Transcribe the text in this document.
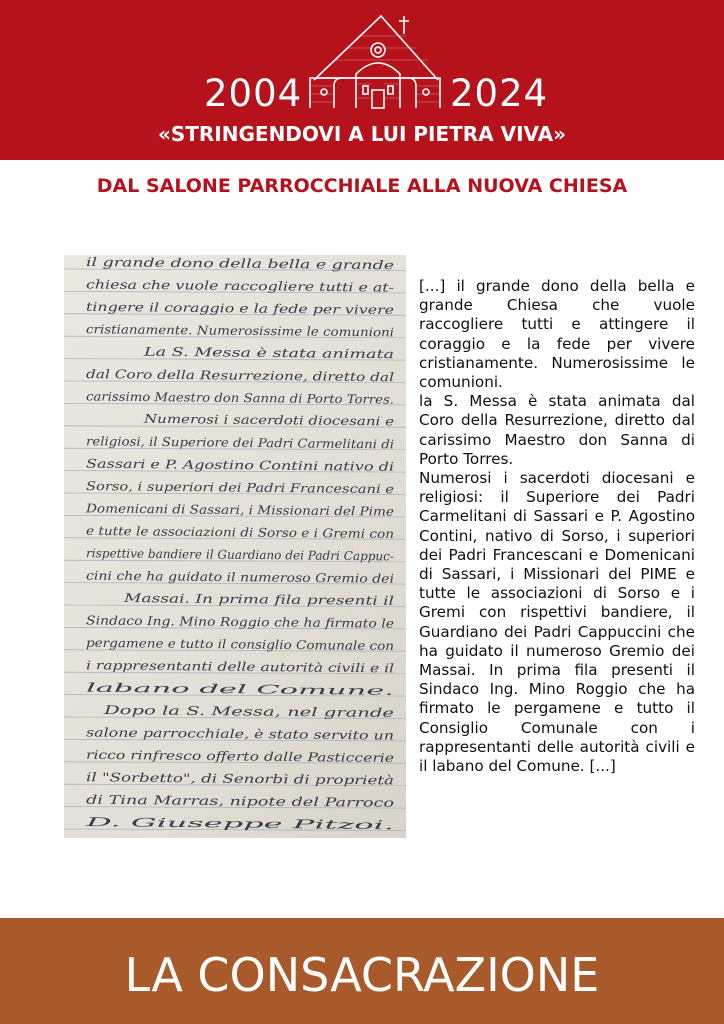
2004	2024
«STRINGENDOVI A LUI PIETRA VIVA»
DAL SALONE PARROCCHIALE ALLA NUOVA CHIESA
il grande dono della bella e grande
chiesa che vuole raccogliere tutti e at-
tingere il coraggio e la fede per vivere
cristianamente. Numerosissime le comunioni
La S. Messa è stata animata
dal Coro della Resurrezione, diretto dal
carissimo Maestro don Sanna di Porto Torres.
Numerosi i sacerdoti diocesani e
religiosi, il Superiore dei Padri Carmelitani di
Sassari e P. Agostino Contini nativo di
Sorso, i superiori dei Padri Francescani e
Domenicani di Sassari, i Missionari del Pime
e tutte le associazioni di Sorso e i Gremi con
rispettive bandiere il Guardiano dei Padri Cappuc-
cini che ha guidato il numeroso Gremio dei
Massai. In prima fila presenti il
Sindaco Ing. Mino Roggio che ha firmato le
pergamene e tutto il consiglio Comunale con
i rappresentanti delle autorità civili e il
labano del Comune.
Dopo la S. Messa, nel grande
salone parrocchiale, è stato servito un
ricco rinfresco offerto dalle Pasticcerie
il "Sorbetto", di Senorbì di proprietà
di Tina Marras, nipote del Parroco
D. Giuseppe Pitzoi.

[...] il grande dono della bella e grande Chiesa che vuole raccogliere tutti e attingere il coraggio e la fede per vivere cristianamente. Numerosissime le comunioni.
la S. Messa è stata animata dal Coro della Resurrezione, diretto dal carissimo Maestro don Sanna di Porto Torres.
Numerosi i sacerdoti diocesani e religiosi: il Superiore dei Padri Carmelitani di Sassari e P. Agostino Contini, nativo di Sorso, i superiori dei Padri Francescani e Domenicani di Sassari, i Missionari del PIME e tutte le associazioni di Sorso e i Gremi con rispettivi bandiere, il Guardiano dei Padri Cappuccini che ha guidato il numeroso Gremio dei Massai. In prima fila presenti il Sindaco Ing. Mino Roggio che ha firmato le pergamene e tutto il Consiglio Comunale con i rappresentanti delle autorità civili e il labano del Comune. [...]

LA CONSACRAZIONE
